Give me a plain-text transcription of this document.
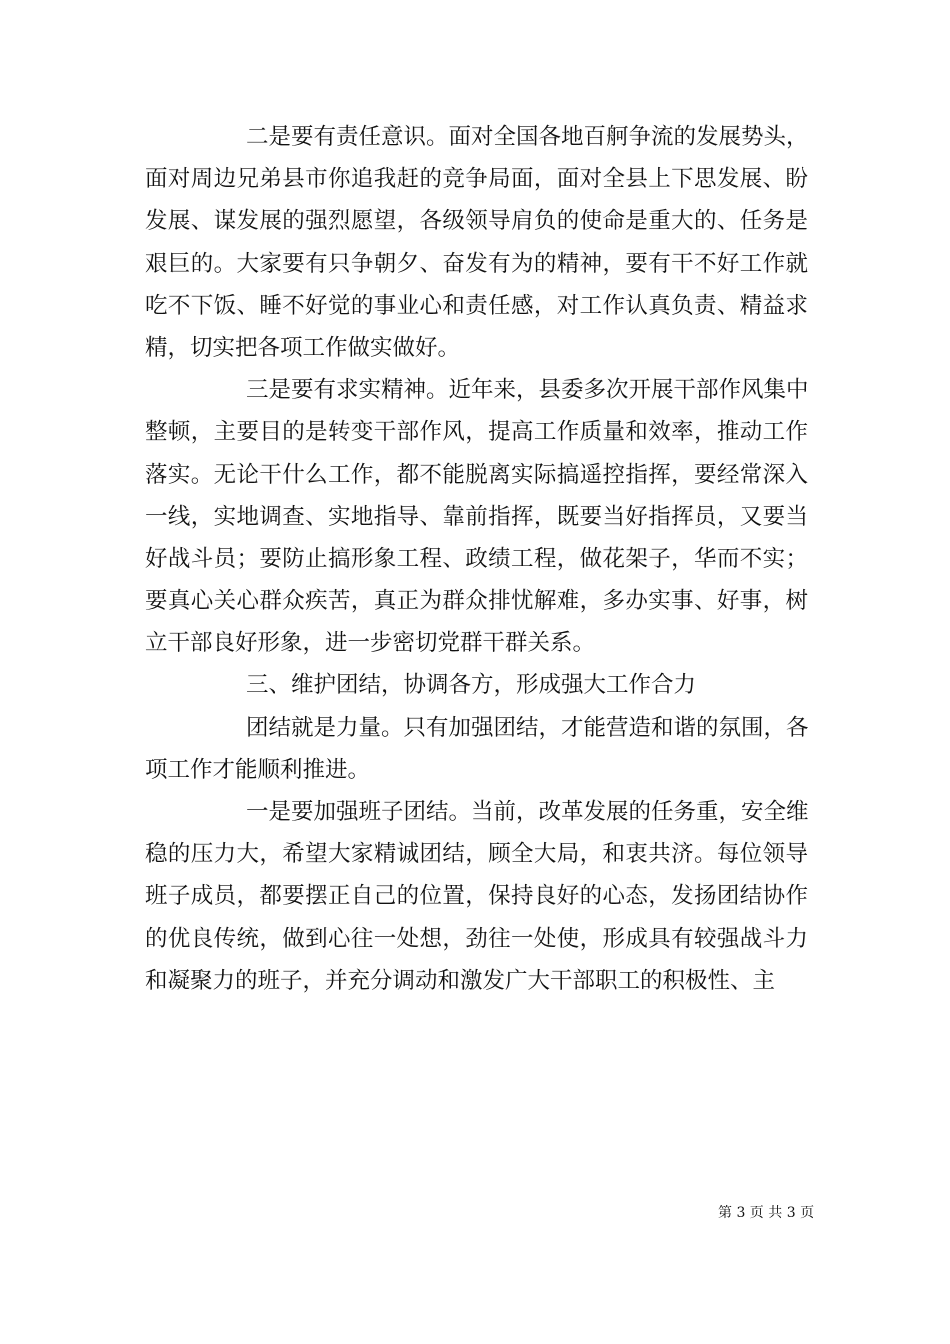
二是要有责任意识。面对全国各地百舸争流的发展势头，
面对周边兄弟县市你追我赶的竞争局面，面对全县上下思发展、盼
发展、谋发展的强烈愿望，各级领导肩负的使命是重大的、任务是
艰巨的。大家要有只争朝夕、奋发有为的精神，要有干不好工作就
吃不下饭、睡不好觉的事业心和责任感，对工作认真负责、精益求
精，切实把各项工作做实做好。
三是要有求实精神。近年来，县委多次开展干部作风集中
整顿，主要目的是转变干部作风，提高工作质量和效率，推动工作
落实。无论干什么工作，都不能脱离实际搞遥控指挥，要经常深入
一线，实地调查、实地指导、靠前指挥，既要当好指挥员，又要当
好战斗员；要防止搞形象工程、政绩工程，做花架子，华而不实；
要真心关心群众疾苦，真正为群众排忧解难，多办实事、好事，树
立干部良好形象，进一步密切党群干群关系。
三、维护团结，协调各方，形成强大工作合力
团结就是力量。只有加强团结，才能营造和谐的氛围，各
项工作才能顺利推进。
一是要加强班子团结。当前，改革发展的任务重，安全维
稳的压力大，希望大家精诚团结，顾全大局，和衷共济。每位领导
班子成员，都要摆正自己的位置，保持良好的心态，发扬团结协作
的优良传统，做到心往一处想，劲往一处使，形成具有较强战斗力
和凝聚力的班子，并充分调动和激发广大干部职工的积极性、主
第 3 页 共 3 页
